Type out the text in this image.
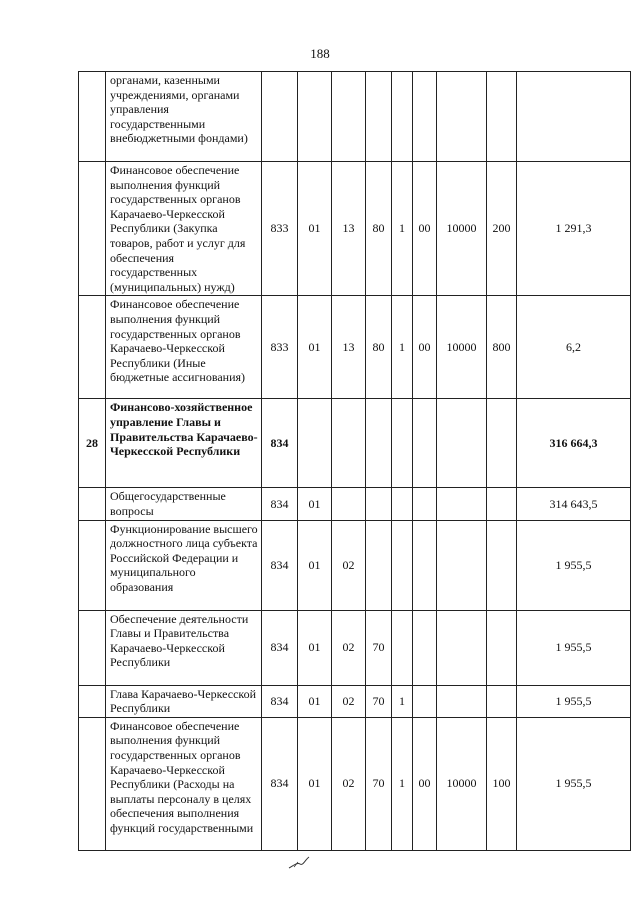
188
	органами, казенными учреждениями, органами управления государственными внебюджетными фондами)									
	Финансовое обеспечение выполнения функций государственных органов Карачаево-Черкесской Республики (Закупка товаров, работ и услуг для обеспечения государственных (муниципальных) нужд)	833	01	13	80	1	00	10000	200	1 291,3
	Финансовое обеспечение выполнения функций государственных органов Карачаево-Черкесской Республики (Иные бюджетные ассигнования)	833	01	13	80	1	00	10000	800	6,2
28	Финансово-хозяйственное управление Главы и Правительства Карачаево-Черкесской Республики	834								316 664,3
	Общегосударственные вопросы	834	01							314 643,5
	Функционирование высшего должностного лица субъекта Российской Федерации и муниципального образования	834	01	02						1 955,5
	Обеспечение деятельности Главы и Правительства Карачаево-Черкесской Республики	834	01	02	70					1 955,5
	Глава Карачаево-Черкесской Республики	834	01	02	70	1				1 955,5
	Финансовое обеспечение выполнения функций государственных органов Карачаево-Черкесской Республики (Расходы на выплаты персоналу в целях обеспечения выполнения функций государственными	834	01	02	70	1	00	10000	100	1 955,5
